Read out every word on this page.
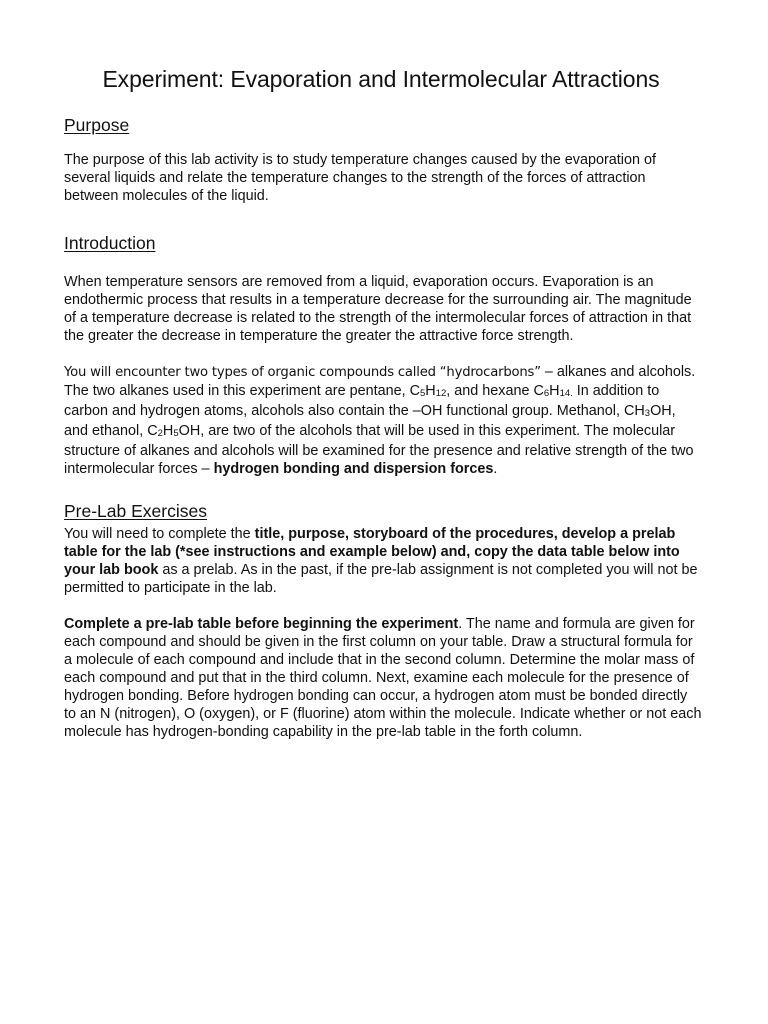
Experiment: Evaporation and Intermolecular Attractions
Purpose

The purpose of this lab activity is to study temperature changes caused by the evaporation of several liquids and relate the temperature changes to the strength of the forces of attraction between molecules of the liquid.

Introduction

When temperature sensors are removed from a liquid, evaporation occurs. Evaporation is an endothermic process that results in a temperature decrease for the surrounding air. The magnitude of a temperature decrease is related to the strength of the intermolecular forces of attraction in that the greater the decrease in temperature the greater the attractive force strength.

You will encounter two types of organic compounds called “hydrocarbons” – alkanes and alcohols. The two alkanes used in this experiment are pentane, C5H12, and hexane C6H14. In addition to carbon and hydrogen atoms, alcohols also contain the –OH functional group. Methanol, CH3OH, and ethanol, C2H5OH, are two of the alcohols that will be used in this experiment. The molecular structure of alkanes and alcohols will be examined for the presence and relative strength of the two intermolecular forces – hydrogen bonding and dispersion forces.

Pre-Lab Exercises

You will need to complete the title, purpose, storyboard of the procedures, develop a prelab table for the lab (*see instructions and example below) and, copy the data table below into your lab book as a prelab. As in the past, if the pre-lab assignment is not completed you will not be permitted to participate in the lab.

Complete a pre-lab table before beginning the experiment. The name and formula are given for each compound and should be given in the first column on your table. Draw a structural formula for a molecule of each compound and include that in the second column. Determine the molar mass of each compound and put that in the third column. Next, examine each molecule for the presence of hydrogen bonding. Before hydrogen bonding can occur, a hydrogen atom must be bonded directly to an N (nitrogen), O (oxygen), or F (fluorine) atom within the molecule. Indicate whether or not each molecule has hydrogen-bonding capability in the pre-lab table in the forth column.
